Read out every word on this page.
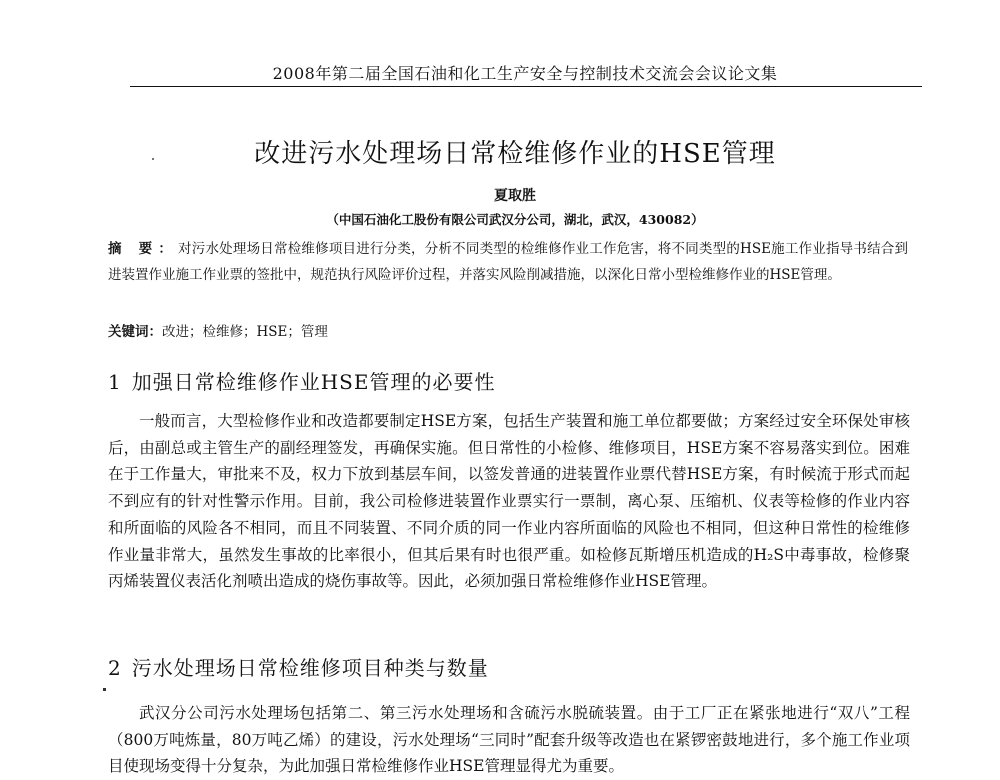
2008年第二届全国石油和化工生产安全与控制技术交流会会议论文集
改进污水处理场日常检维修作业的HSE管理
夏取胜
（中国石油化工股份有限公司武汉分公司，湖北，武汉，430082）
摘 要：对污水处理场日常检维修项目进行分类，分析不同类型的检维修作业工作危害，将不同类型的HSE施工作业指导书结合到进装置作业施工作业票的签批中，规范执行风险评价过程，并落实风险削减措施，以深化日常小型检维修作业的HSE管理。
关键词：改进；检维修；HSE；管理
1 加强日常检维修作业HSE管理的必要性

一般而言，大型检修作业和改造都要制定HSE方案，包括生产装置和施工单位都要做；方案经过安全环保处审核后，由副总或主管生产的副经理签发，再确保实施。但日常性的小检修、维修项目，HSE方案不容易落实到位。困难在于工作量大，审批来不及，权力下放到基层车间，以签发普通的进装置作业票代替HSE方案，有时候流于形式而起不到应有的针对性警示作用。目前，我公司检修进装置作业票实行一票制，离心泵、压缩机、仪表等检修的作业内容和所面临的风险各不相同，而且不同装置、不同介质的同一作业内容所面临的风险也不相同，但这种日常性的检维修作业量非常大，虽然发生事故的比率很小，但其后果有时也很严重。如检修瓦斯增压机造成的H₂S中毒事故，检修聚丙烯装置仪表活化剂喷出造成的烧伤事故等。因此，必须加强日常检维修作业HSE管理。

2 污水处理场日常检维修项目种类与数量

武汉分公司污水处理场包括第二、第三污水处理场和含硫污水脱硫装置。由于工厂正在紧张地进行“双八”工程（800万吨炼量，80万吨乙烯）的建设，污水处理场“三同时”配套升级等改造也在紧锣密鼓地进行，多个施工作业项目使现场变得十分复杂，为此加强日常检维修作业HSE管理显得尤为重要。
